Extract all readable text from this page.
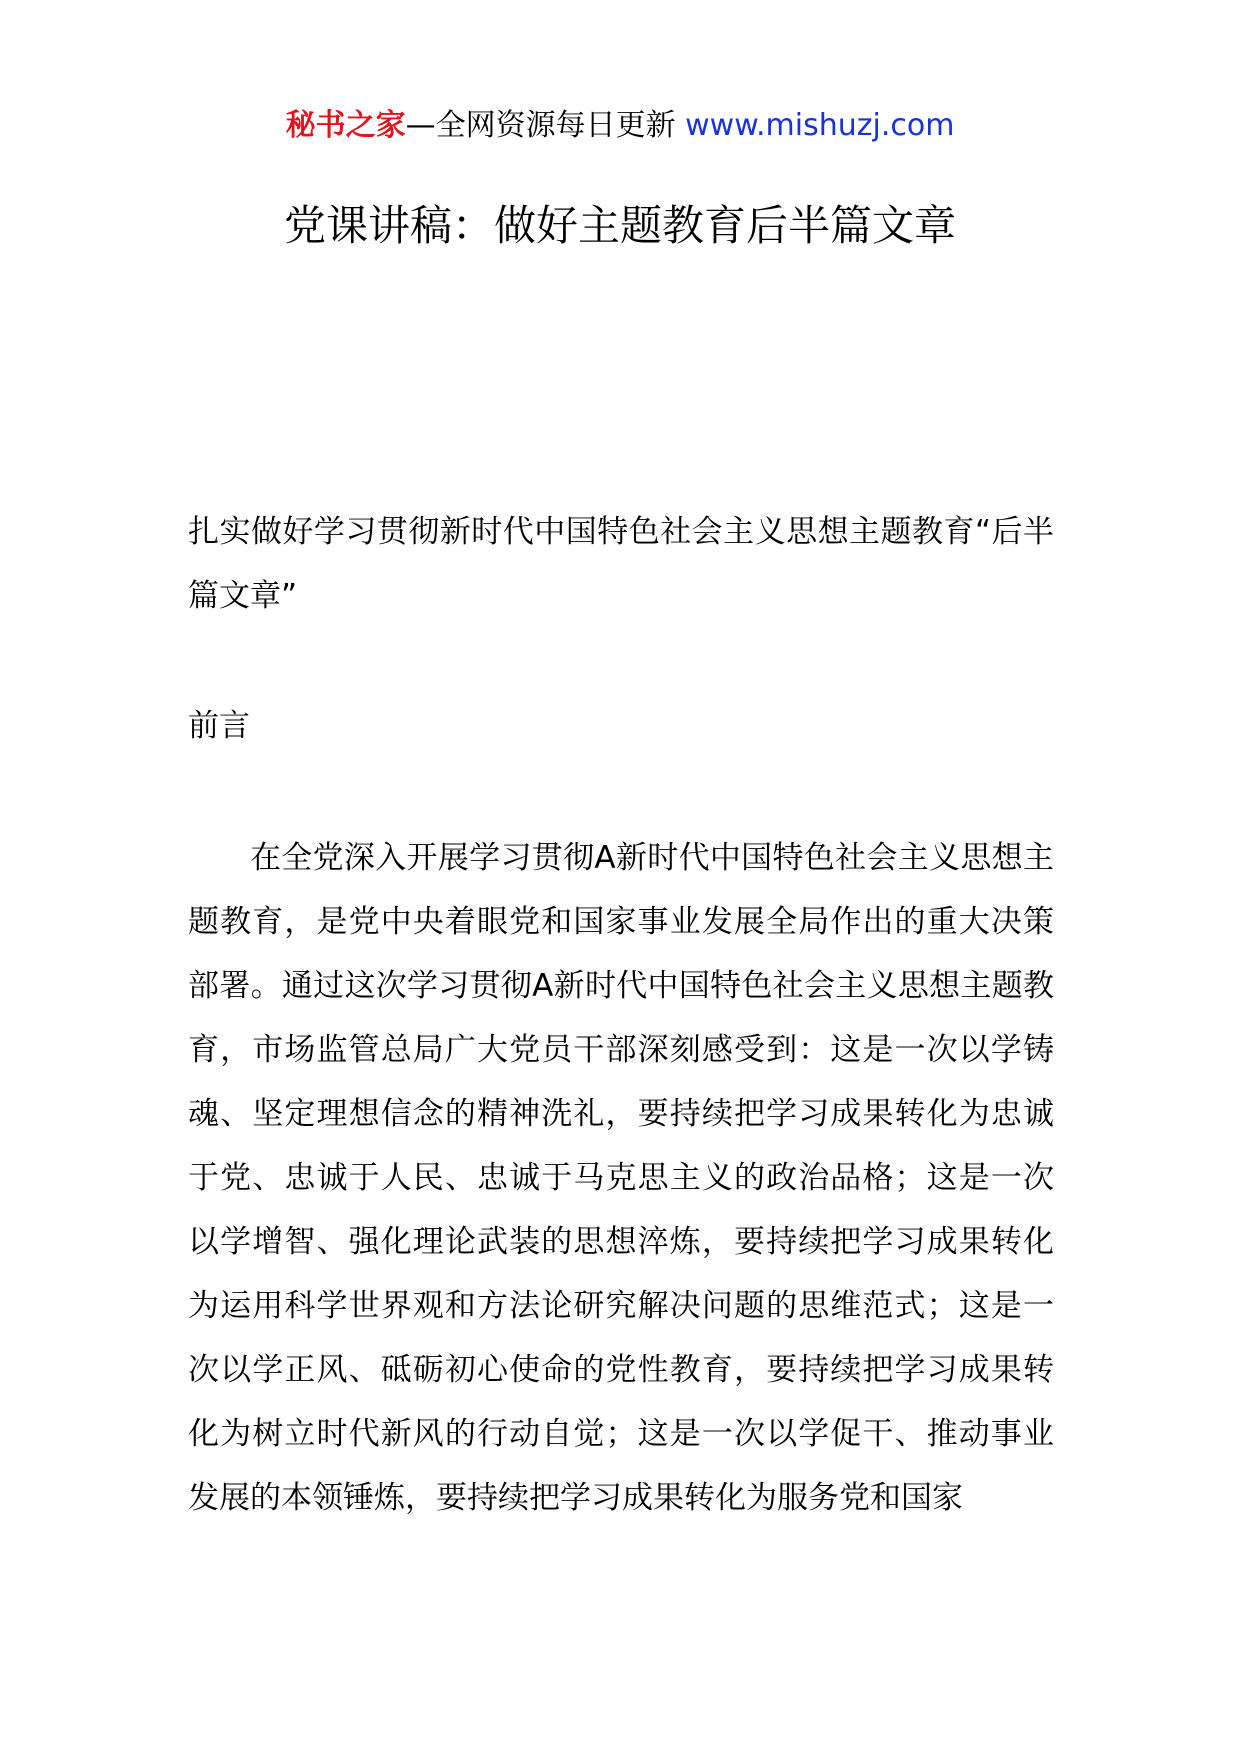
秘书之家—全网资源每日更新 www.mishuzj.com
党课讲稿：做好主题教育后半篇文章

扎实做好学习贯彻新时代中国特色社会主义思想主题教育“后半篇文章”

前言

在全党深入开展学习贯彻A新时代中国特色社会主义思想主题教育，是党中央着眼党和国家事业发展全局作出的重大决策部署。通过这次学习贯彻A新时代中国特色社会主义思想主题教育，市场监管总局广大党员干部深刻感受到：这是一次以学铸魂、坚定理想信念的精神洗礼，要持续把学习成果转化为忠诚于党、忠诚于人民、忠诚于马克思主义的政治品格；这是一次以学增智、强化理论武装的思想淬炼，要持续把学习成果转化为运用科学世界观和方法论研究解决问题的思维范式；这是一次以学正风、砥砺初心使命的党性教育，要持续把学习成果转化为树立时代新风的行动自觉；这是一次以学促干、推动事业发展的本领锤炼，要持续把学习成果转化为服务党和国家
